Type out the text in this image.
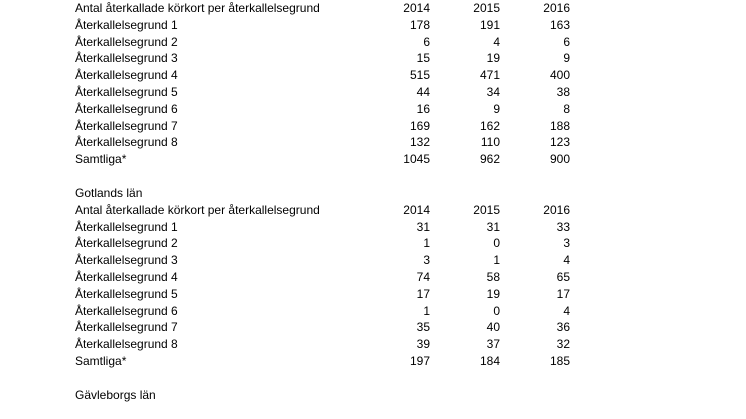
Antal återkallade körkort per återkallelsegrund	2014	2015	2016
Återkallelsegrund 1	178	191	163
Återkallelsegrund 2	6	4	6
Återkallelsegrund 3	15	19	9
Återkallelsegrund 4	515	471	400
Återkallelsegrund 5	44	34	38
Återkallelsegrund 6	16	9	8
Återkallelsegrund 7	169	162	188
Återkallelsegrund 8	132	110	123
Samtliga*	1045	962	900
Gotlands län
Antal återkallade körkort per återkallelsegrund	2014	2015	2016
Återkallelsegrund 1	31	31	33
Återkallelsegrund 2	1	0	3
Återkallelsegrund 3	3	1	4
Återkallelsegrund 4	74	58	65
Återkallelsegrund 5	17	19	17
Återkallelsegrund 6	1	0	4
Återkallelsegrund 7	35	40	36
Återkallelsegrund 8	39	37	32
Samtliga*	197	184	185
Gävleborgs län
